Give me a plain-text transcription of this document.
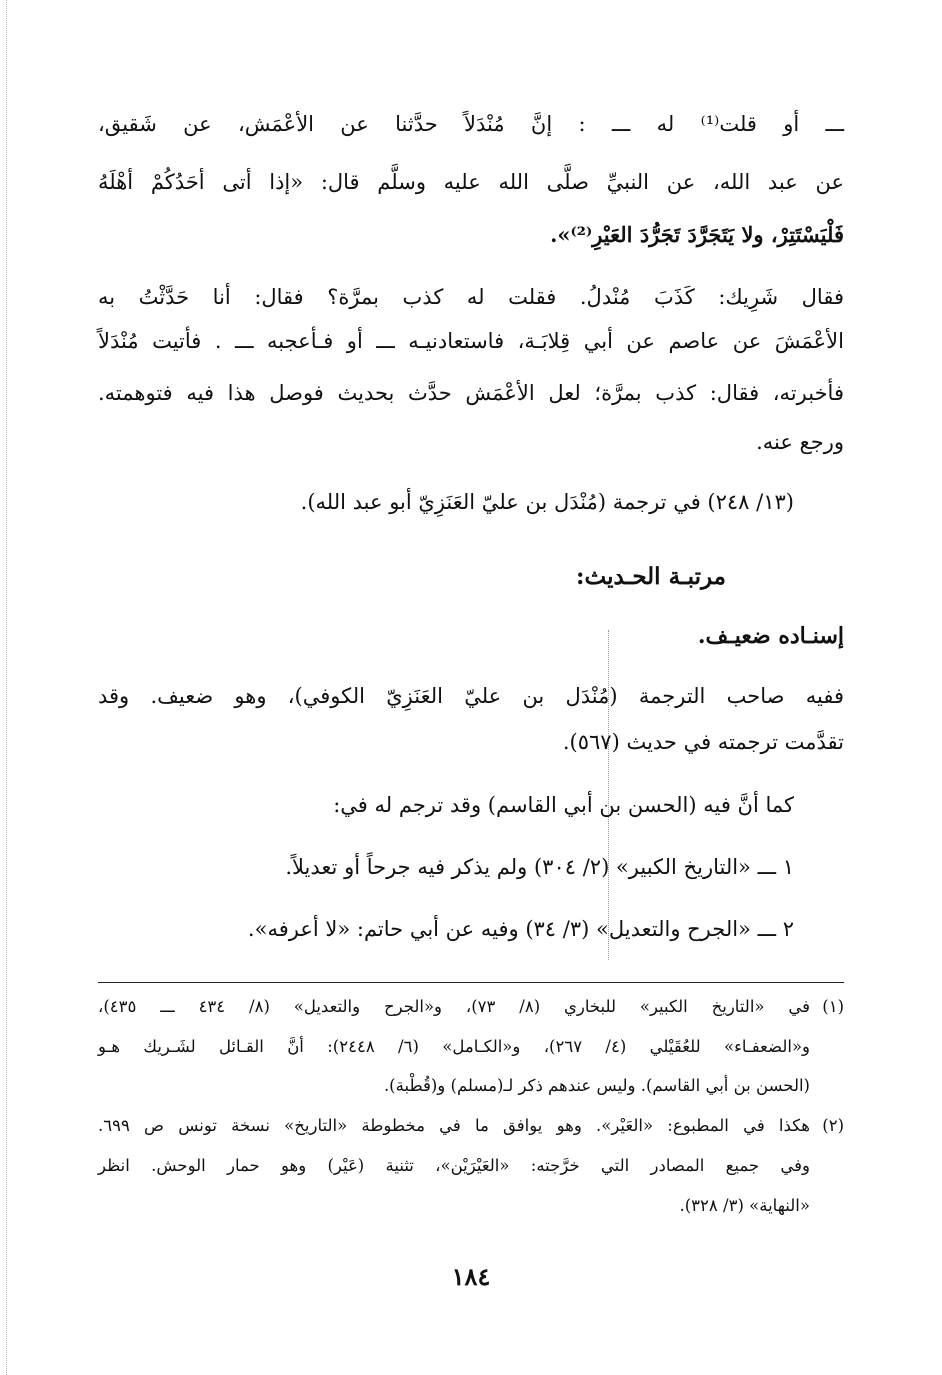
ـــ أو قلت⁽¹⁾ له ـــ : إنَّ مُنْدَلاً حدَّثنا عن الأعْمَش، عن شَقيق،
عن عبد الله، عن النبيِّ صلَّى الله عليه وسلَّم قال: «إذا أتى أحَدُكُمْ أهْلَهُ
فَلْيَسْتَتِرْ، ولا يَتَجَرَّدَ تَجَرُّدَ العَيْرِ⁽²⁾».
فقال شَرِيك: كَذَبَ مُنْدلُ. فقلت له كذب بمرَّة؟ فقال: أنا حَدَّثْتُ به
الأعْمَشَ عن عاصم عن أبي قِلابَـة، فاستعادنيـه ـــ أو فـأعجبه ـــ . فأتيت مُنْدَلاً
فأخبرته، فقال: كذب بمرَّة؛ لعل الأعْمَش حدَّث بحديث فوصل هذا فيه فتوهمته.
ورجع عنه.
(١٣/ ٢٤٨) في ترجمة (مُنْدَل بن عليّ العَنَزِيّ أبو عبد الله).
مرتبـة الحـديث:
إسنـاده ضعيـف.
ففيه صاحب الترجمة (مُنْدَل بن عليّ العَنَزِيّ الكوفي)، وهو ضعيف. وقد
تقدَّمت ترجمته في حديث (٥٦٧).
كما أنَّ فيه (الحسن بن أبي القاسم) وقد ترجم له في:
١ ـــ «التاريخ الكبير» (٢/ ٣٠٤) ولم يذكر فيه جرحاً أو تعديلاً.
٢ ـــ «الجرح والتعديل» (٣/ ٣٤) وفيه عن أبي حاتم: «لا أعرفه».
(١)
في «التاريخ الكبير» للبخاري (٨/ ٧٣)، و«الجرح والتعديل» (٨/ ٤٣٤ ـــ ٤٣٥)،
و«الضعفـاء» للعُقَيْلي (٤/ ٢٦٧)، و«الكـامل» (٦/ ٢٤٤٨): أنَّ القـائل لشَـريك هـو
(الحسن بن أبي القاسم). وليس عندهم ذكر لـ(مسلم) و(قُطْبة).
(٢)
هكذا في المطبوع: «العَيْر». وهو يوافق ما في مخطوطة «التاريخ» نسخة تونس ص ٦٩٩.
وفي جميع المصادر التي خرَّجته: «العَيْرَيْن»، تثنية (عَيْر) وهو حمار الوحش. انظر
«النهاية» (٣/ ٣٢٨).
١٨٤
